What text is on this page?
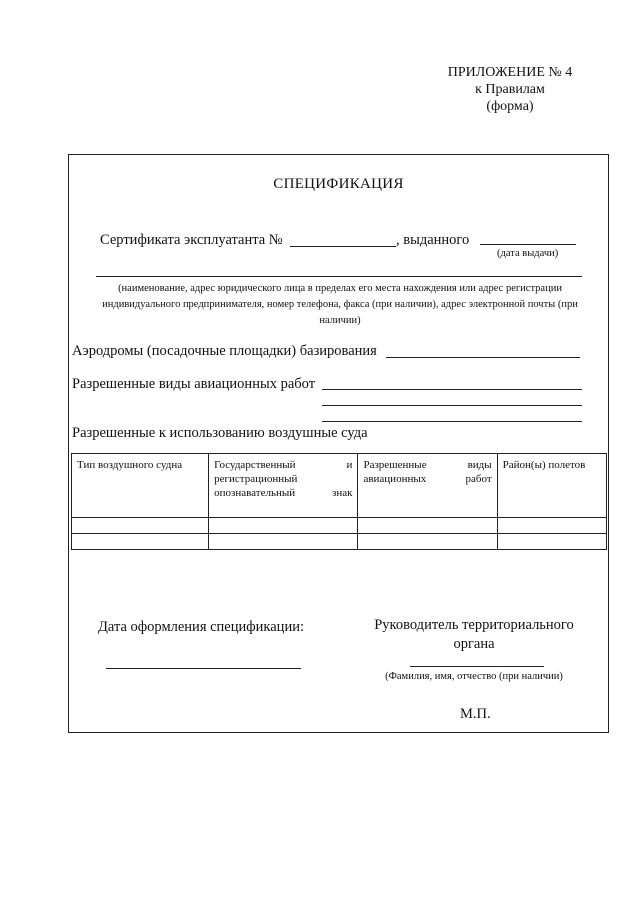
ПРИЛОЖЕНИЕ № 4
к Правилам
(форма)
СПЕЦИФИКАЦИЯ
Сертификата эксплуатанта №	, выданного
(дата выдачи)
(наименование, адрес юридического лица в пределах его места нахождения или адрес регистрации
индивидуального предпринимателя, номер телефона, факса (при наличии), адрес электронной почты (при
наличии)
Аэродромы (посадочные площадки) базирования
Разрешенные виды авиационных работ
Разрешенные к использованию воздушные суда
Тип воздушного судна	Государственный и регистрационный опознавательный знак	Разрешенные виды авиационных работ	Район(ы) полетов

Дата оформления спецификации:	Руководитель территориального
органа
(Фамилия, имя, отчество (при наличии)
М.П.
